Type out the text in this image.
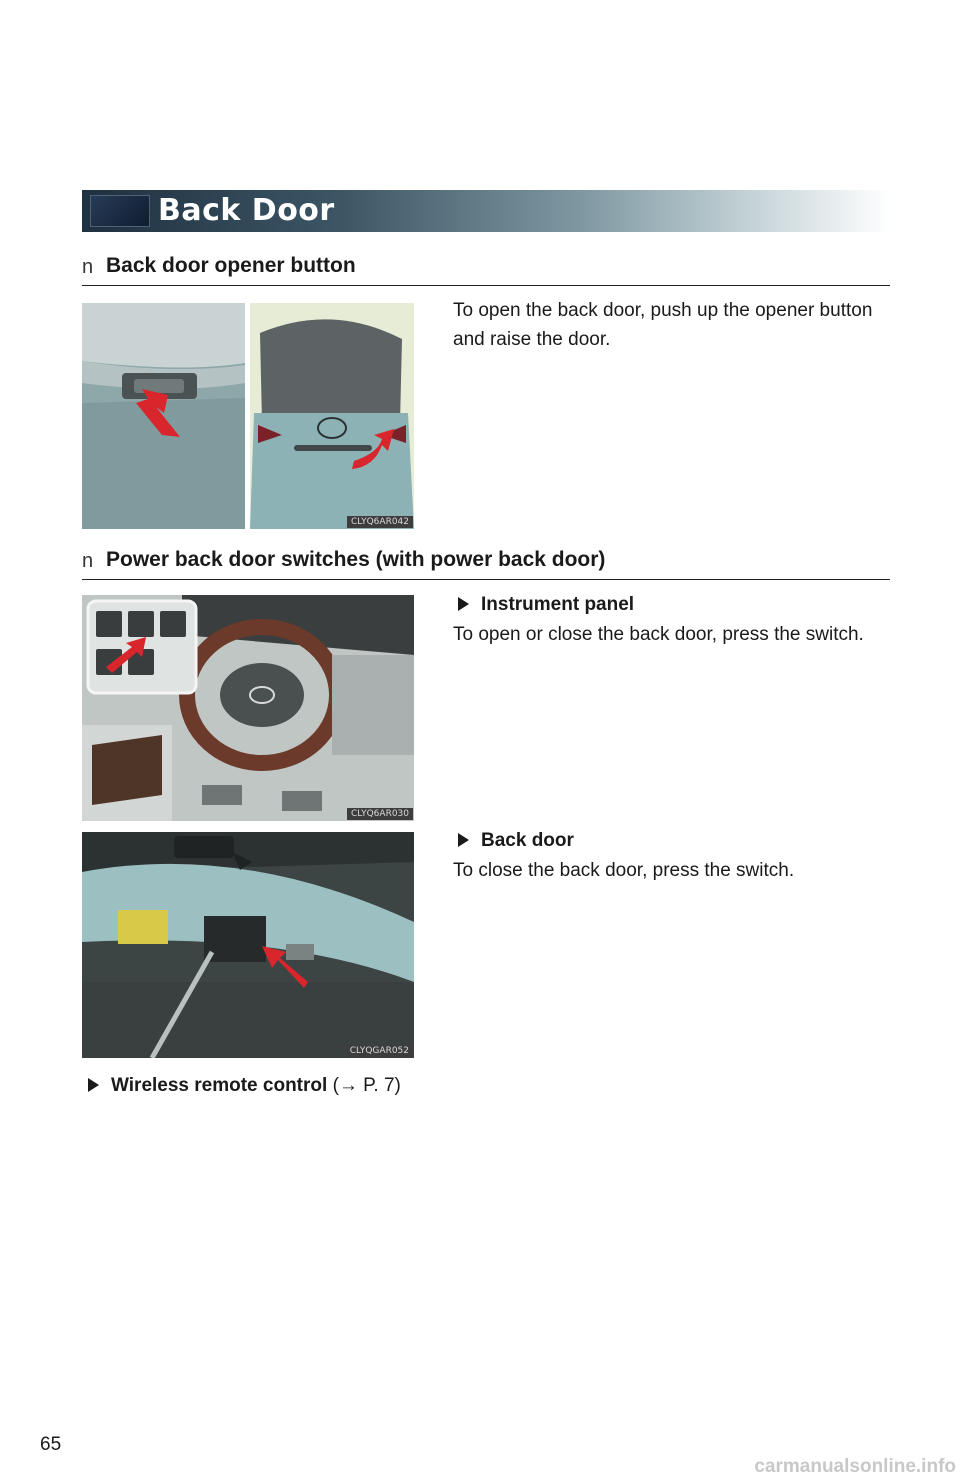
Back Door
n Back door opener button
CLYQ6AR042
To open the back door, push up the opener button and raise the door.
n Power back door switches (with power back door)
CLYQ6AR030
Instrument panel
To open or close the back door, press the switch.
CLYQGAR052
Back door
To close the back door, press the switch.
Wireless remote control (→ P. 7)
65
carmanualsonline.info
